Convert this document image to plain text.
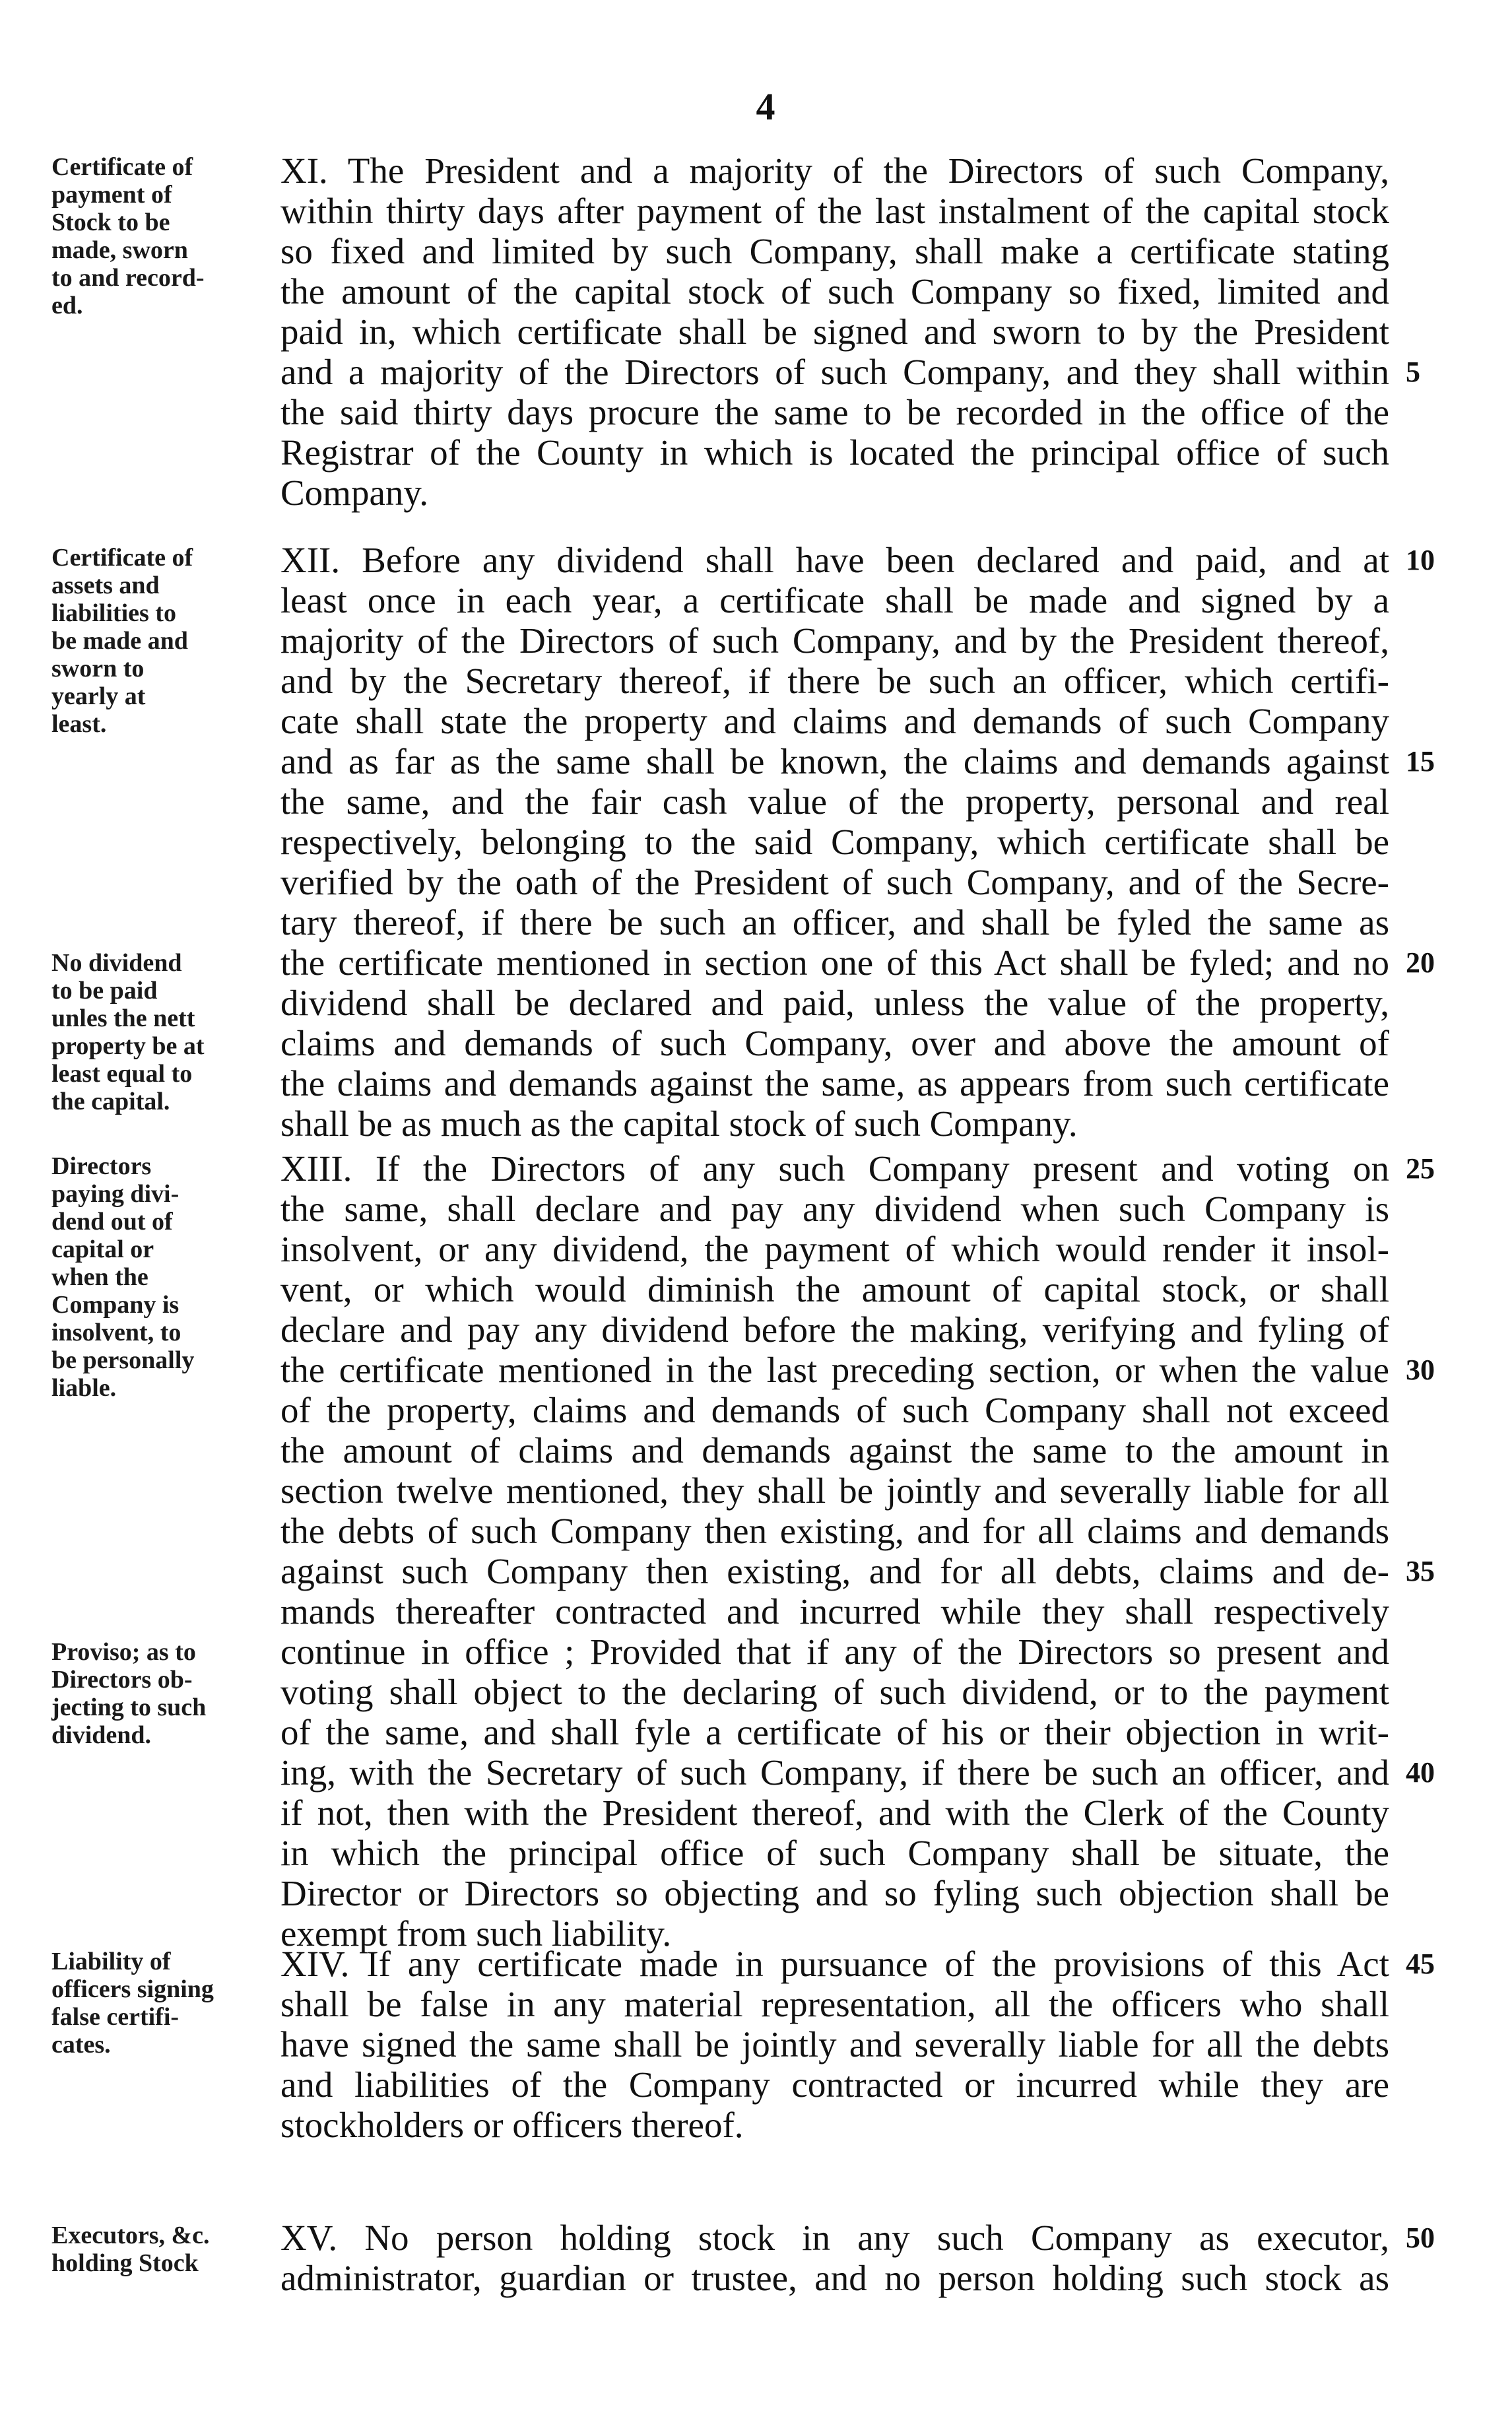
4
Certificate of
payment of
Stock to be
made, sworn
to and record-
ed.
XI. The President and a majority of the Directors of such Company,
within thirty days after payment of the last instalment of the capital stock
so fixed and limited by such Company, shall make a certificate stating
the amount of the capital stock of such Company so fixed, limited and
paid in, which certificate shall be signed and sworn to by the President
and a majority of the Directors of such Company, and they shall within
the said thirty days procure the same to be recorded in the office of the
Registrar of the County in which is located the principal office of such
Company.
5
Certificate of
assets and
liabilities to
be made and
sworn to
yearly at
least.
No dividend
to be paid
unles the nett
property be at
least equal to
the capital.
XII. Before any dividend shall have been declared and paid, and at
least once in each year, a certificate shall be made and signed by a
majority of the Directors of such Company, and by the President thereof,
and by the Secretary thereof, if there be such an officer, which certifi-
cate shall state the property and claims and demands of such Company
and as far as the same shall be known, the claims and demands against
the same, and the fair cash value of the property, personal and real
respectively, belonging to the said Company, which certificate shall be
verified by the oath of the President of such Company, and of the Secre-
tary thereof, if there be such an officer, and shall be fyled the same as
the certificate mentioned in section one of this Act shall be fyled; and no
dividend shall be declared and paid, unless the value of the property,
claims and demands of such Company, over and above the amount of
the claims and demands against the same, as appears from such certificate
shall be as much as the capital stock of such Company.
10
15
20
Directors
paying divi-
dend out of
capital or
when the
Company is
insolvent, to
be personally
liable.
Proviso; as to
Directors ob-
jecting to such
dividend.
XIII. If the Directors of any such Company present and voting on
the same, shall declare and pay any dividend when such Company is
insolvent, or any dividend, the payment of which would render it insol-
vent, or which would diminish the amount of capital stock, or shall
declare and pay any dividend before the making, verifying and fyling of
the certificate mentioned in the last preceding section, or when the value
of the property, claims and demands of such Company shall not exceed
the amount of claims and demands against the same to the amount in
section twelve mentioned, they shall be jointly and severally liable for all
the debts of such Company then existing, and for all claims and demands
against such Company then existing, and for all debts, claims and de-
mands thereafter contracted and incurred while they shall respectively
continue in office ; Provided that if any of the Directors so present and
voting shall object to the declaring of such dividend, or to the payment
of the same, and shall fyle a certificate of his or their objection in writ-
ing, with the Secretary of such Company, if there be such an officer, and
if not, then with the President thereof, and with the Clerk of the County
in which the principal office of such Company shall be situate, the
Director or Directors so objecting and so fyling such objection shall be
exempt from such liability.
25
30
35
40
Liability of
officers signing
false certifi-
cates.
XIV. If any certificate made in pursuance of the provisions of this Act
shall be false in any material representation, all the officers who shall
have signed the same shall be jointly and severally liable for all the debts
and liabilities of the Company contracted or incurred while they are
stockholders or officers thereof.
45
Executors, &c.
holding Stock
XV. No person holding stock in any such Company as executor,
administrator, guardian or trustee, and no person holding such stock as
50
